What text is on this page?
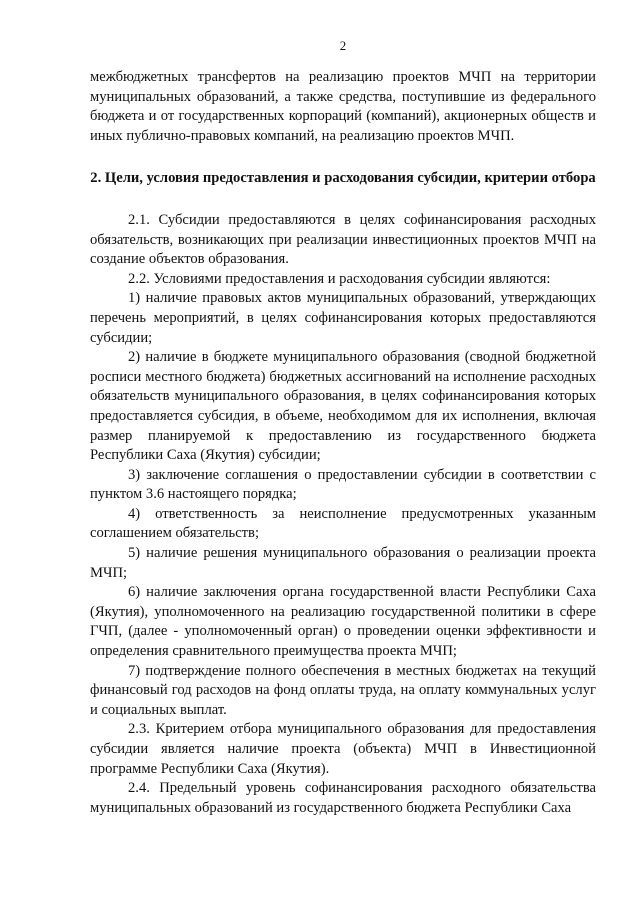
2

межбюджетных трансфертов на реализацию проектов МЧП на территории муниципальных образований, а также средства, поступившие из федерального бюджета и от государственных корпораций (компаний), акционерных обществ и иных публично-правовых компаний, на реализацию проектов МЧП.

2. Цели, условия предоставления и расходования субсидии, критерии отбора

2.1. Субсидии предоставляются в целях софинансирования расходных обязательств, возникающих при реализации инвестиционных проектов МЧП на создание объектов образования.

2.2. Условиями предоставления и расходования субсидии являются:

1) наличие правовых актов муниципальных образований, утверждающих перечень мероприятий, в целях софинансирования которых предоставляются субсидии;

2) наличие в бюджете муниципального образования (сводной бюджетной росписи местного бюджета) бюджетных ассигнований на исполнение расходных обязательств муниципального образования, в целях софинансирования которых предоставляется субсидия, в объеме, необходимом для их исполнения, включая размер планируемой к предоставлению из государственного бюджета Республики Саха (Якутия) субсидии;

3) заключение соглашения о предоставлении субсидии в соответствии с пунктом 3.6 настоящего порядка;

4) ответственность за неисполнение предусмотренных указанным соглашением обязательств;

5) наличие решения муниципального образования о реализации проекта МЧП;

6) наличие заключения органа государственной власти Республики Саха (Якутия), уполномоченного на реализацию государственной политики в сфере ГЧП, (далее - уполномоченный орган) о проведении оценки эффективности и определения сравнительного преимущества проекта МЧП;

7) подтверждение полного обеспечения в местных бюджетах на текущий финансовый год расходов на фонд оплаты труда, на оплату коммунальных услуг и социальных выплат.

2.3. Критерием отбора муниципального образования для предоставления субсидии является наличие проекта (объекта) МЧП в Инвестиционной программе Республики Саха (Якутия).

2.4. Предельный уровень софинансирования расходного обязательства муниципальных образований из государственного бюджета Республики Саха
